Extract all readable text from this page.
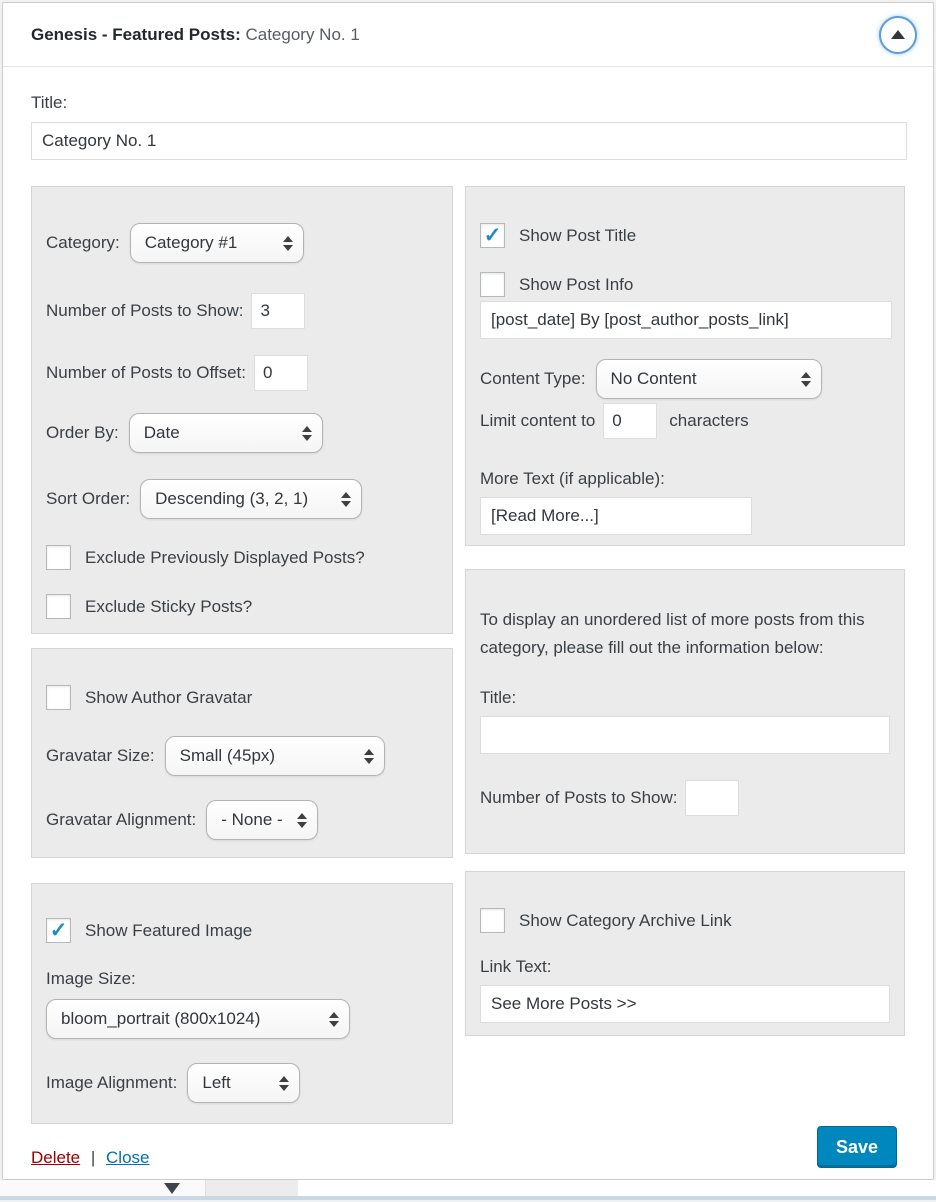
Genesis - Featured Posts: Category No. 1
Title:
Category No. 1
Category: Category #1
Number of Posts to Show:
3
Number of Posts to Offset:
0
Order By: Date
Sort Order: Descending (3, 2, 1)
Exclude Previously Displayed Posts?
Exclude Sticky Posts?
Show Author Gravatar
Gravatar Size: Small (45px)
Gravatar Alignment: - None -
✓
Show Featured Image
Image Size:
bloom_portrait (800x1024)
Image Alignment: Left
✓
Show Post Title
Show Post Info
[post_date] By [post_author_posts_link]
Content Type: No Content
Limit content to
0	characters
More Text (if applicable):
[Read More...]

To display an unordered list of more posts from this category, please fill out the information below:

Title:
Number of Posts to Show:
Show Category Archive Link
Link Text:
See More Posts >>
Delete | Close
Save
